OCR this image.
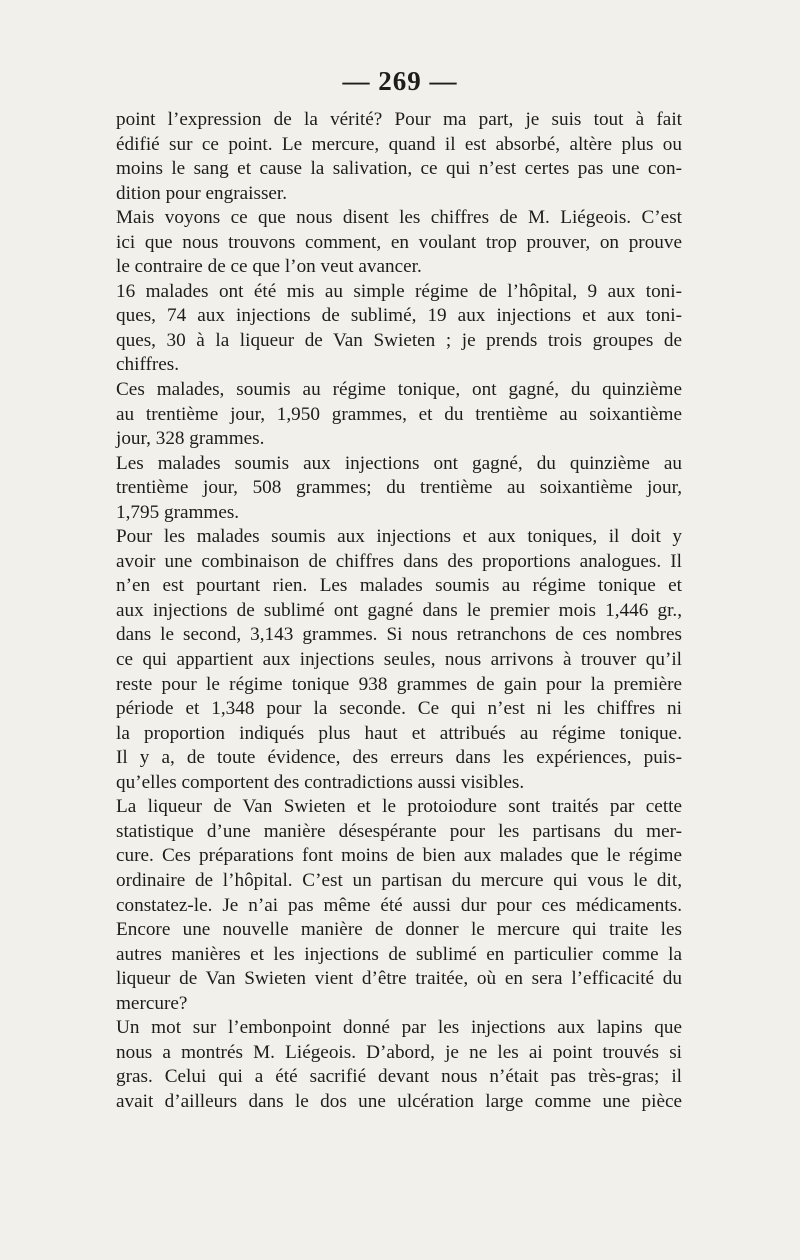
— 269 —
point l’expression de la vérité? Pour ma part, je suis tout à fait
édifié sur ce point. Le mercure, quand il est absorbé, altère plus ou
moins le sang et cause la salivation, ce qui n’est certes pas une con-
dition pour engraisser.
Mais voyons ce que nous disent les chiffres de M. Liégeois. C’est
ici que nous trouvons comment, en voulant trop prouver, on prouve
le contraire de ce que l’on veut avancer.
16 malades ont été mis au simple régime de l’hôpital, 9 aux toni-
ques, 74 aux injections de sublimé, 19 aux injections et aux toni-
ques, 30 à la liqueur de Van Swieten ; je prends trois groupes de
chiffres.
Ces malades, soumis au régime tonique, ont gagné, du quinzième
au trentième jour, 1,950 grammes, et du trentième au soixantième
jour, 328 grammes.
Les malades soumis aux injections ont gagné, du quinzième au
trentième jour, 508 grammes; du trentième au soixantième jour,
1,795 grammes.
Pour les malades soumis aux injections et aux toniques, il doit y
avoir une combinaison de chiffres dans des proportions analogues. Il
n’en est pourtant rien. Les malades soumis au régime tonique et
aux injections de sublimé ont gagné dans le premier mois 1,446 gr.,
dans le second, 3,143 grammes. Si nous retranchons de ces nombres
ce qui appartient aux injections seules, nous arrivons à trouver qu’il
reste pour le régime tonique 938 grammes de gain pour la première
période et 1,348 pour la seconde. Ce qui n’est ni les chiffres ni
la proportion indiqués plus haut et attribués au régime tonique.
Il y a, de toute évidence, des erreurs dans les expériences, puis-
qu’elles comportent des contradictions aussi visibles.
La liqueur de Van Swieten et le protoiodure sont traités par cette
statistique d’une manière désespérante pour les partisans du mer-
cure. Ces préparations font moins de bien aux malades que le régime
ordinaire de l’hôpital. C’est un partisan du mercure qui vous le dit,
constatez-le. Je n’ai pas même été aussi dur pour ces médicaments.
Encore une nouvelle manière de donner le mercure qui traite les
autres manières et les injections de sublimé en particulier comme la
liqueur de Van Swieten vient d’être traitée, où en sera l’efficacité du
mercure?
Un mot sur l’embonpoint donné par les injections aux lapins que
nous a montrés M. Liégeois. D’abord, je ne les ai point trouvés si
gras. Celui qui a été sacrifié devant nous n’était pas très-gras; il
avait d’ailleurs dans le dos une ulcération large comme une pièce
